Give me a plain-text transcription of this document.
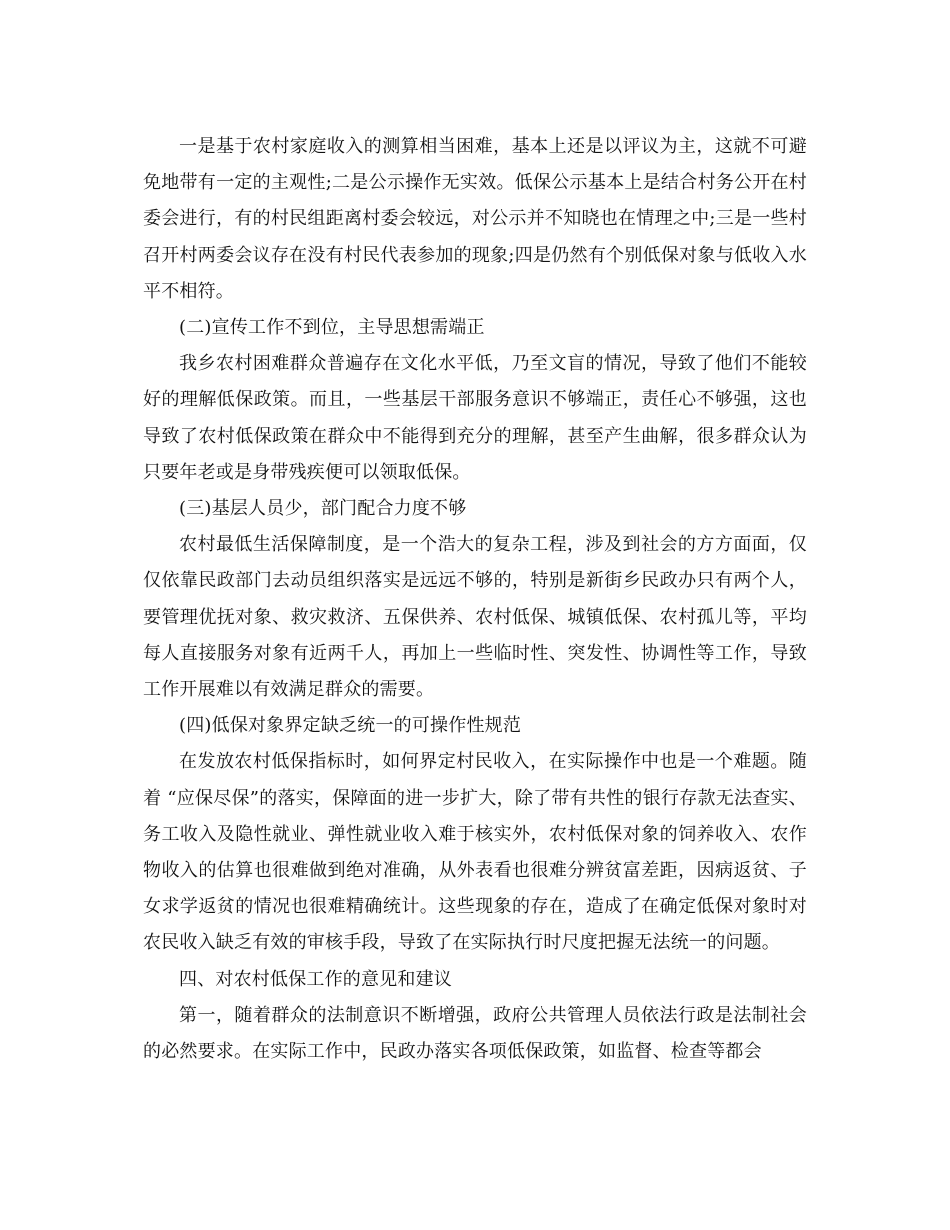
一是基于农村家庭收入的测算相当困难，基本上还是以评议为主，这就不可避免地带有一定的主观性;二是公示操作无实效。低保公示基本上是结合村务公开在村委会进行，有的村民组距离村委会较远，对公示并不知晓也在情理之中;三是一些村召开村两委会议存在没有村民代表参加的现象;四是仍然有个别低保对象与低收入水平不相符。

(二)宣传工作不到位，主导思想需端正

我乡农村困难群众普遍存在文化水平低，乃至文盲的情况，导致了他们不能较好的理解低保政策。而且，一些基层干部服务意识不够端正，责任心不够强，这也导致了农村低保政策在群众中不能得到充分的理解，甚至产生曲解，很多群众认为只要年老或是身带残疾便可以领取低保。

(三)基层人员少，部门配合力度不够

农村最低生活保障制度，是一个浩大的复杂工程，涉及到社会的方方面面，仅仅依靠民政部门去动员组织落实是远远不够的，特别是新街乡民政办只有两个人，要管理优抚对象、救灾救济、五保供养、农村低保、城镇低保、农村孤儿等，平均每人直接服务对象有近两千人，再加上一些临时性、突发性、协调性等工作，导致工作开展难以有效满足群众的需要。

(四)低保对象界定缺乏统一的可操作性规范

在发放农村低保指标时，如何界定村民收入，在实际操作中也是一个难题。随着 “应保尽保”的落实，保障面的进一步扩大，除了带有共性的银行存款无法查实、务工收入及隐性就业、弹性就业收入难于核实外，农村低保对象的饲养收入、农作物收入的估算也很难做到绝对准确，从外表看也很难分辨贫富差距，因病返贫、子女求学返贫的情况也很难精确统计。这些现象的存在，造成了在确定低保对象时对农民收入缺乏有效的审核手段，导致了在实际执行时尺度把握无法统一的问题。

四、对农村低保工作的意见和建议

第一，随着群众的法制意识不断增强，政府公共管理人员依法行政是法制社会的必然要求。在实际工作中，民政办落实各项低保政策，如监督、检查等都会
